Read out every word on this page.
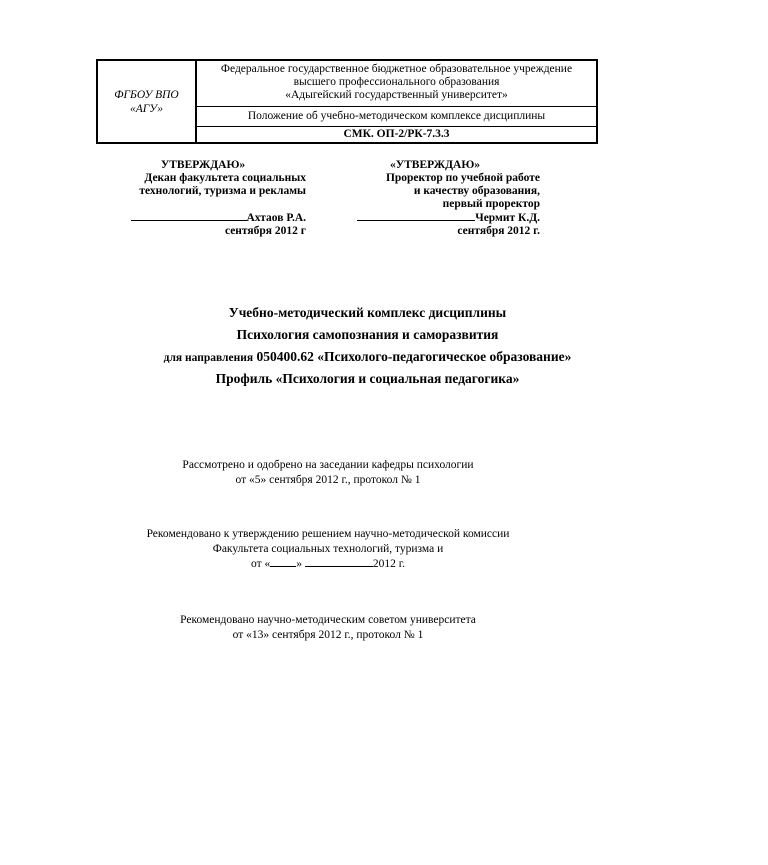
ФГБОУ ВПО
«АГУ»
Федеральное государственное бюджетное образовательное учреждение
высшего профессионального образования
«Адыгейский государственный университет»
Положение об учебно-методическом комплексе дисциплины
СМК. ОП-2/РК-7.3.3
УТВЕРЖДАЮ»
Декан факультета социальных
технологий, туризма и рекламы
Ахтаов Р.А.
сентября 2012 г
«УТВЕРЖДАЮ»
Проректор по учебной работе
и качеству образования,
первый проректор
Чермит К.Д.
сентября 2012 г.
Учебно-методический комплекс дисциплины
Психология самопознания и саморазвития
для направления 050400.62 «Психолого-педагогическое образование»
Профиль «Психология и социальная педагогика»
Рассмотрено и одобрено на заседании кафедры психологии
от «5» сентября 2012 г., протокол № 1
Рекомендовано к утверждению решением научно-методической комиссии
Факультета социальных технологий, туризма и
от « »	2012 г.
Рекомендовано научно-методическим советом университета
от «13» сентября 2012 г., протокол № 1
